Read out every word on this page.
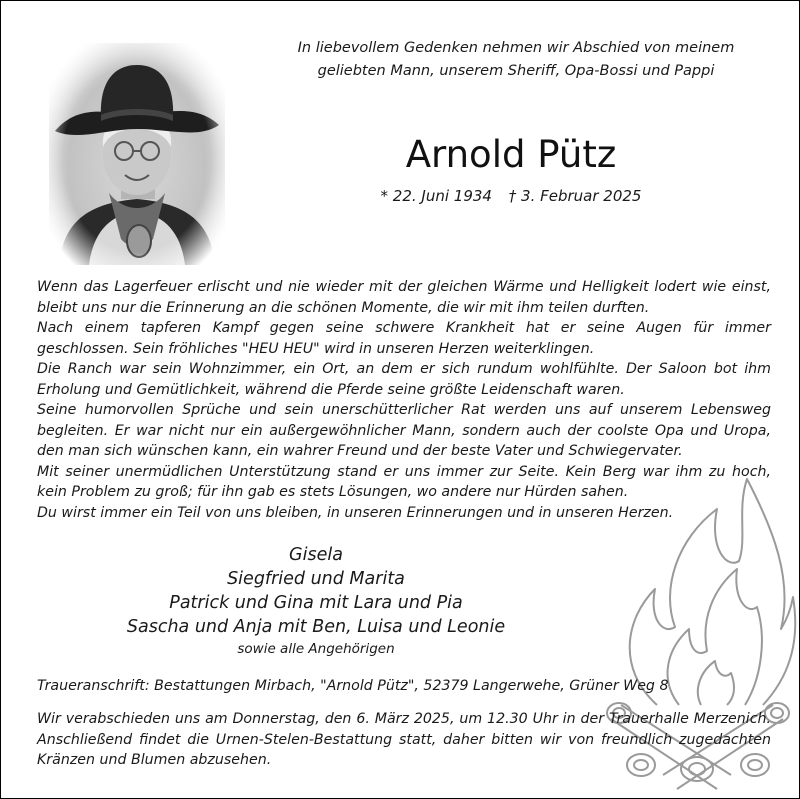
In liebevollem Gedenken nehmen wir Abschied von meinem
geliebten Mann, unserem Sheriff, Opa-Bossi und Pappi
Arnold Pütz
* 22. Juni 1934 † 3. Februar 2025

Wenn das Lagerfeuer erlischt und nie wieder mit der gleichen Wärme und Helligkeit lodert wie einst, bleibt uns nur die Erinnerung an die schönen Momente, die wir mit ihm teilen durften.

Nach einem tapferen Kampf gegen seine schwere Krankheit hat er seine Augen für immer geschlossen. Sein fröhliches "HEU HEU" wird in unseren Herzen weiterklingen.

Die Ranch war sein Wohnzimmer, ein Ort, an dem er sich rundum wohlfühlte. Der Saloon bot ihm Erholung und Gemütlichkeit, während die Pferde seine größte Leidenschaft waren.

Seine humorvollen Sprüche und sein unerschütterlicher Rat werden uns auf unserem Lebensweg begleiten. Er war nicht nur ein außergewöhnlicher Mann, sondern auch der coolste Opa und Uropa, den man sich wünschen kann, ein wahrer Freund und der beste Vater und Schwiegervater.

Mit seiner unermüdlichen Unterstützung stand er uns immer zur Seite. Kein Berg war ihm zu hoch, kein Problem zu groß; für ihn gab es stets Lösungen, wo andere nur Hürden sahen.

Du wirst immer ein Teil von uns bleiben, in unseren Erinnerungen und in unseren Herzen.

Gisela
Siegfried und Marita
Patrick und Gina mit Lara und Pia
Sascha und Anja mit Ben, Luisa und Leonie
sowie alle Angehörigen
Traueranschrift: Bestattungen Mirbach, "Arnold Pütz", 52379 Langerwehe, Grüner Weg 8
Wir verabschieden uns am Donnerstag, den 6. März 2025, um 12.30 Uhr in der Trauerhalle Merzenich. Anschließend findet die Urnen-Stelen-Bestattung statt, daher bitten wir von freundlich zugedachten Kränzen und Blumen abzusehen.
